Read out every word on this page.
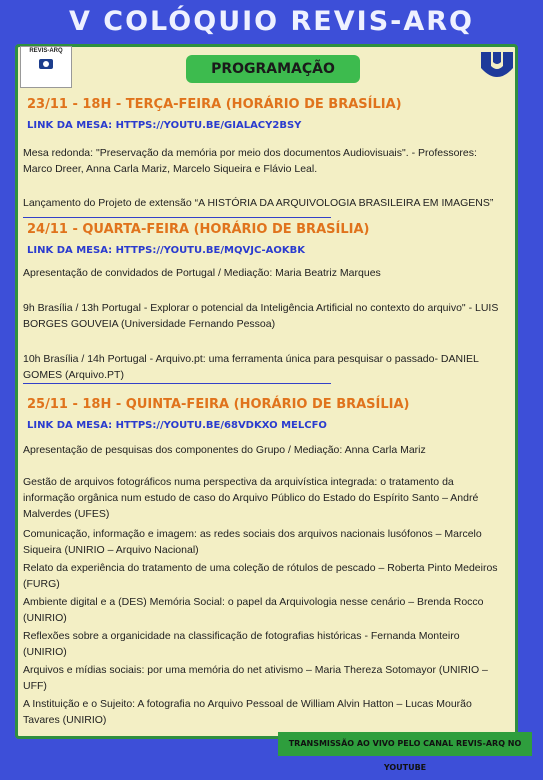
V COLÓQUIO REVIS-ARQ
REVIS-ARQ
PROGRAMAÇÃO
23/11 - 18H - TERÇA-FEIRA (HORÁRIO DE BRASÍLIA)
LINK DA MESA: HTTPS://YOUTU.BE/GIALACY2BSY
Mesa redonda: "Preservação da memória por meio dos documentos Audiovisuais". - Professores: Marco Dreer, Anna Carla Mariz, Marcelo Siqueira e Flávio Leal.
Lançamento do Projeto de extensão “A HISTÓRIA DA ARQUIVOLOGIA BRASILEIRA EM IMAGENS”
24/11 - QUARTA-FEIRA (HORÁRIO DE BRASÍLIA)
LINK DA MESA: HTTPS://YOUTU.BE/MQVJC-AOKBK
Apresentação de convidados de Portugal / Mediação: Maria Beatriz Marques
9h Brasília / 13h Portugal - Explorar o potencial da Inteligência Artificial no contexto do arquivo" - LUIS BORGES GOUVEIA (Universidade Fernando Pessoa)
10h Brasília / 14h Portugal - Arquivo.pt: uma ferramenta única para pesquisar o passado- DANIEL GOMES (Arquivo.PT)
25/11 - 18H - QUINTA-FEIRA (HORÁRIO DE BRASÍLIA)
LINK DA MESA: HTTPS://YOUTU.BE/68VDKXO MELCFO
Apresentação de pesquisas dos componentes do Grupo / Mediação: Anna Carla Mariz
Gestão de arquivos fotográficos numa perspectiva da arquivística integrada: o tratamento da informação orgânica num estudo de caso do Arquivo Público do Estado do Espírito Santo – André Malverdes (UFES)
Comunicação, informação e imagem: as redes sociais dos arquivos nacionais lusófonos – Marcelo Siqueira (UNIRIO – Arquivo Nacional)
Relato da experiência do tratamento de uma coleção de rótulos de pescado – Roberta Pinto Medeiros (FURG)
Ambiente digital e a (DES) Memória Social: o papel da Arquivologia nesse cenário – Brenda Rocco (UNIRIO)
Reflexões sobre a organicidade na classificação de fotografias históricas - Fernanda Monteiro (UNIRIO)
Arquivos e mídias sociais: por uma memória do net ativismo – Maria Thereza Sotomayor (UNIRIO – UFF)
A Instituição e o Sujeito: A fotografia no Arquivo Pessoal de William Alvin Hatton – Lucas Mourão Tavares (UNIRIO)
TRANSMISSÃO AO VIVO PELO CANAL REVIS-ARQ NO YOUTUBE
